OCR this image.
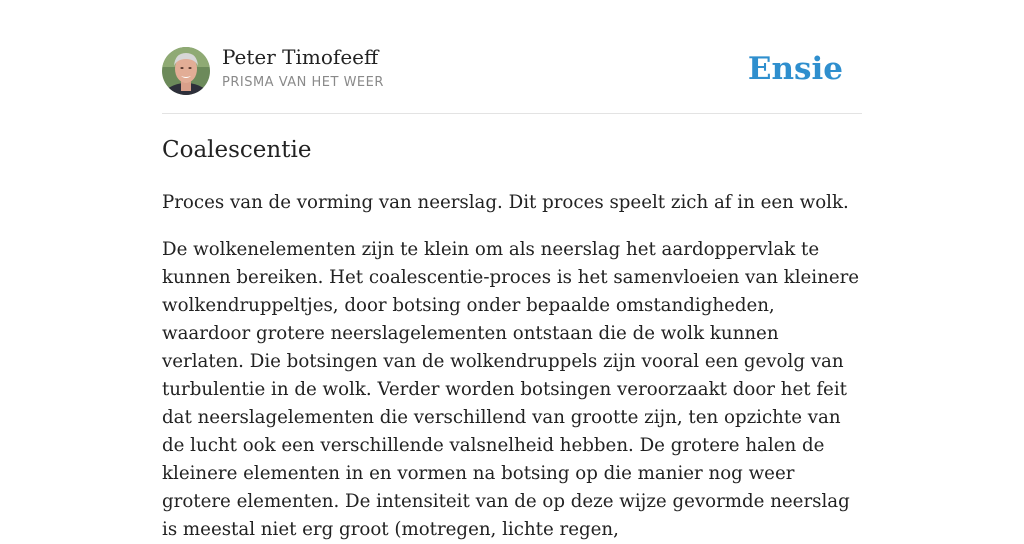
Peter Timofeeff
PRISMA VAN HET WEER	Ensie
Coalescentie

Proces van de vorming van neerslag. Dit proces speelt zich af in een wolk.

De wolkenelementen zijn te klein om als neerslag het aardoppervlak te kunnen bereiken. Het coalescentie-proces is het samenvloeien van kleinere wolkendruppeltjes, door botsing onder bepaalde omstandigheden, waardoor grotere neerslagelementen ontstaan die de wolk kunnen verlaten. Die botsingen van de wolkendruppels zijn vooral een gevolg van turbulentie in de wolk. Verder worden botsingen veroorzaakt door het feit dat neerslagelementen die verschillend van grootte zijn, ten opzichte van de lucht ook een verschillende valsnelheid hebben. De grotere halen de kleinere elementen in en vormen na botsing op die manier nog weer grotere elementen. De intensiteit van de op deze wijze gevormde neerslag is meestal niet erg groot (motregen, lichte regen,
